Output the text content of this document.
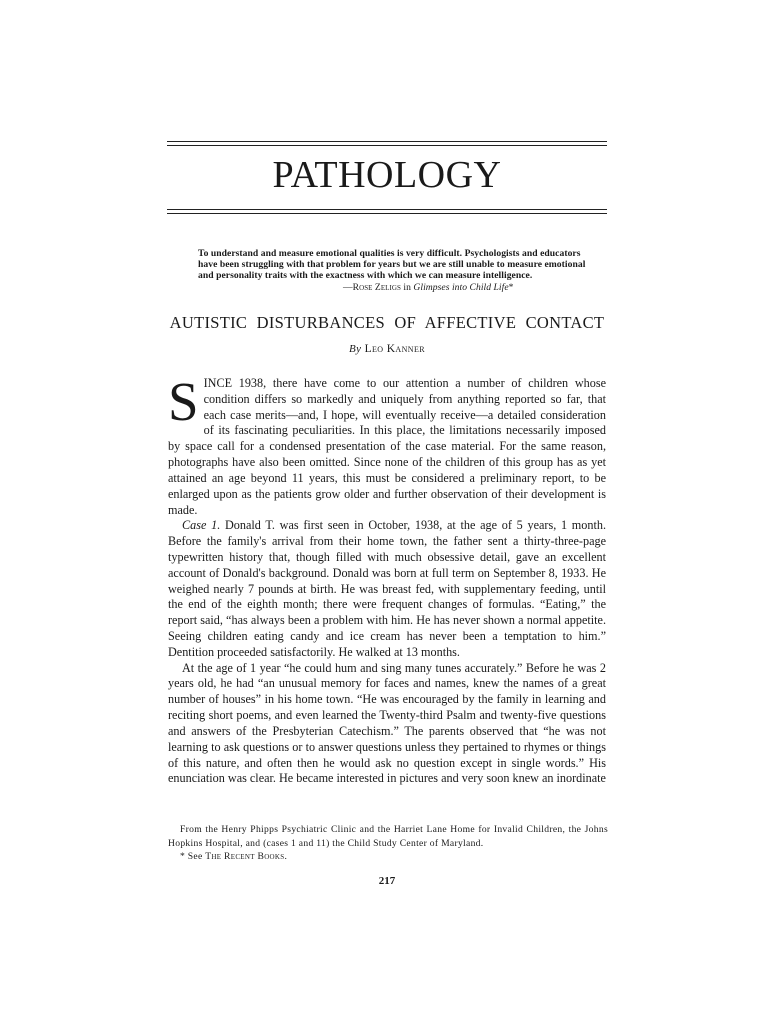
PATHOLOGY
To understand and measure emotional qualities is very difficult. Psychologists and educators have been struggling with that problem for years but we are still unable to measure emotional and personality traits with the exactness with which we can measure intelligence.
—Rose Zeligs in Glimpses into Child Life*
AUTISTIC DISTURBANCES OF AFFECTIVE CONTACT
By Leo Kanner

SINCE 1938, there have come to our attention a number of children whose condition differs so markedly and uniquely from anything reported so far, that each case merits—and, I hope, will eventually receive—a detailed consideration of its fascinating peculiarities. In this place, the limitations necessarily imposed by space call for a condensed presentation of the case material. For the same reason, photographs have also been omitted. Since none of the children of this group has as yet attained an age beyond 11 years, this must be considered a preliminary report, to be enlarged upon as the patients grow older and further observation of their development is made.

Case 1. Donald T. was first seen in October, 1938, at the age of 5 years, 1 month. Before the family's arrival from their home town, the father sent a thirty-three-page typewritten history that, though filled with much obsessive detail, gave an excellent account of Donald's background. Donald was born at full term on September 8, 1933. He weighed nearly 7 pounds at birth. He was breast fed, with supplementary feeding, until the end of the eighth month; there were frequent changes of formulas. “Eating,” the report said, “has always been a problem with him. He has never shown a normal appetite. Seeing children eating candy and ice cream has never been a temptation to him.” Dentition proceeded satisfactorily. He walked at 13 months.

At the age of 1 year “he could hum and sing many tunes accurately.” Before he was 2 years old, he had “an unusual memory for faces and names, knew the names of a great number of houses” in his home town. “He was encouraged by the family in learning and reciting short poems, and even learned the Twenty-third Psalm and twenty-five questions and answers of the Presbyterian Catechism.” The parents observed that “he was not learning to ask questions or to answer questions unless they pertained to rhymes or things of this nature, and often then he would ask no question except in single words.” His enunciation was clear. He became interested in pictures and very soon knew an inordinate

From the Henry Phipps Psychiatric Clinic and the Harriet Lane Home for Invalid Children, the Johns Hopkins Hospital, and (cases 1 and 11) the Child Study Center of Maryland.

* See The Recent Books.

217
